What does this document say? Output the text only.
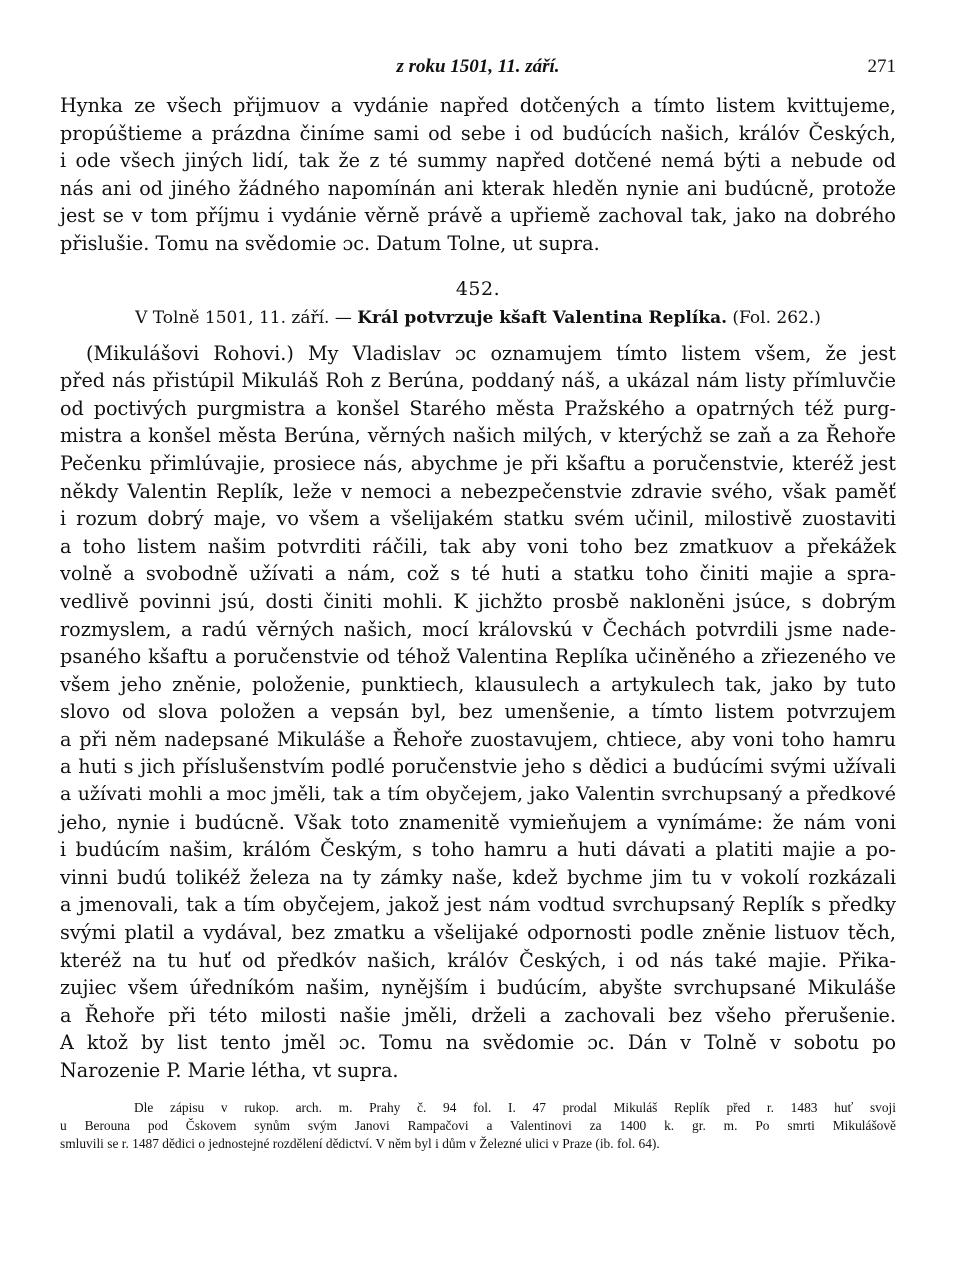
z roku 1501, 11. září.	271

Hynka ze všech přijmuov a vydánie napřed dotčených a tímto listem kvittujeme,
propúštieme a prázdna činíme sami od sebe i od budúcích našich, králóv Českých,
i ode všech jiných lidí, tak že z té summy napřed dotčené nemá býti a nebude od
nás ani od jiného žádného napomínán ani kterak hleděn nynie ani budúcně, protože
jest se v tom příjmu i vydánie věrně právě a upřiemě zachoval tak, jako na dobrého
přislušie. Tomu na svědomie ɔc. Datum Tolne, ut supra.

452.
V Tolně 1501, 11. září. — Král potvrzuje kšaft Valentina Replíka. (Fol. 262.)

(Mikulášovi Rohovi.) My Vladislav ɔc oznamujem tímto listem všem, že jest
před nás přistúpil Mikuláš Roh z Berúna, poddaný náš, a ukázal nám listy přímluvčie
od poctivých purgmistra a konšel Starého města Pražského a opatrných též purg-
mistra a konšel města Berúna, věrných našich milých, v kterýchž se zaň a za Řehoře
Pečenku přimlúvajie, prosiece nás, abychme je při kšaftu a poručenstvie, kteréž jest
někdy Valentin Replík, leže v nemoci a nebezpečenstvie zdravie svého, však paměť
i rozum dobrý maje, vo všem a všelijakém statku svém učinil, milostivě zuostaviti
a toho listem našim potvrditi ráčili, tak aby voni toho bez zmatkuov a překážek
volně a svobodně užívati a nám, což s té huti a statku toho činiti majie a spra-
vedlivě povinni jsú, dosti činiti mohli. K jichžto prosbě nakloněni jsúce, s dobrým
rozmyslem, a radú věrných našich, mocí královskú v Čechách potvrdili jsme nade-
psaného kšaftu a poručenstvie od téhož Valentina Replíka učiněného a zřiezeného ve
všem jeho zněnie, položenie, punktiech, klausulech a artykulech tak, jako by tuto
slovo od slova položen a vepsán byl, bez umenšenie, a tímto listem potvrzujem
a při něm nadepsané Mikuláše a Řehoře zuostavujem, chtiece, aby voni toho hamru
a huti s jich příslušenstvím podlé poručenstvie jeho s dědici a budúcími svými užívali
a užívati mohli a moc jměli, tak a tím obyčejem, jako Valentin svrchupsaný a předkové
jeho, nynie i budúcně. Však toto znamenitě vymieňujem a vynímáme: že nám voni
i budúcím našim, králóm Českým, s toho hamru a huti dávati a platiti majie a po-
vinni budú tolikéž železa na ty zámky naše, kdež bychme jim tu v vokolí rozkázali
a jmenovali, tak a tím obyčejem, jakož jest nám vodtud svrchupsaný Replík s předky
svými platil a vydával, bez zmatku a všelijaké odpornosti podle zněnie listuov těch,
kteréž na tu huť od předkóv našich, králóv Českých, i od nás také majie. Přika-
zujiec všem úředníkóm našim, nynějším i budúcím, abyšte svrchupsané Mikuláše
a Řehoře při této milosti našie jměli, drželi a zachovali bez všeho přerušenie.
A ktož by list tento jměl ɔc. Tomu na svědomie ɔc. Dán v Tolně v sobotu po
Narozenie P. Marie létha, vt supra.

Dle zápisu v rukop. arch. m. Prahy č. 94 fol. I. 47 prodal Mikuláš Replík před r. 1483 huť svoji
u Berouna pod Čskovem synům svým Janovi Rampačovi a Valentinovi za 1400 k. gr. m. Po smrti Mikulášově
smluvili se r. 1487 dědici o jednostejné rozdělení dědictví. V něm byl i dům v Železné ulici v Praze (ib. fol. 64).
